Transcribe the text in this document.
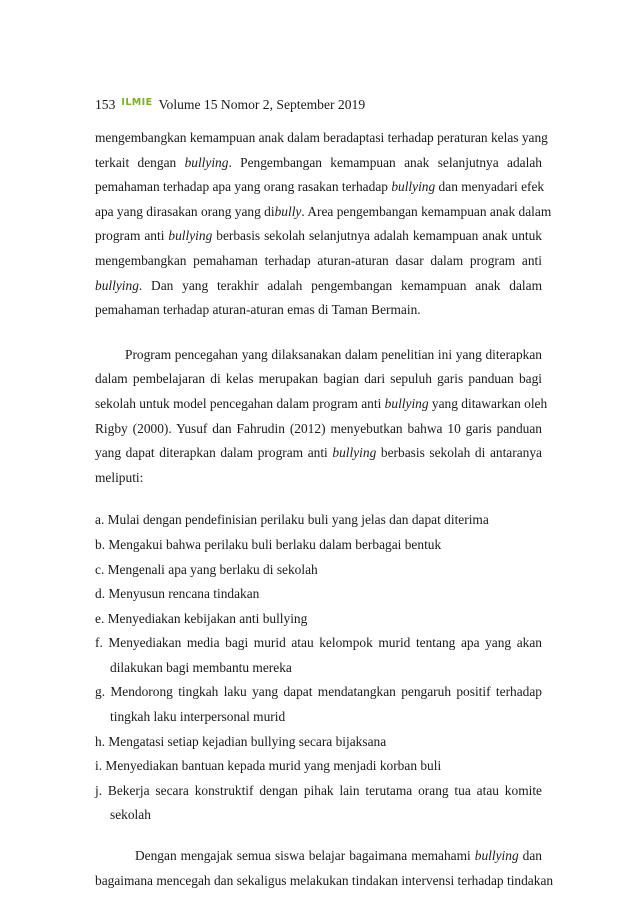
153 ILMIE Volume 15 Nomor 2, September 2019

mengembangkan kemampuan anak dalam beradaptasi terhadap peraturan kelas yang

terkait dengan bullying. Pengembangan kemampuan anak selanjutnya adalah

pemahaman terhadap apa yang orang rasakan terhadap bullying dan menyadari efek

apa yang dirasakan orang yang dibully. Area pengembangan kemampuan anak dalam

program anti bullying berbasis sekolah selanjutnya adalah kemampuan anak untuk

mengembangkan pemahaman terhadap aturan-aturan dasar dalam program anti

bullying. Dan yang terakhir adalah pengembangan kemampuan anak dalam

pemahaman terhadap aturan-aturan emas di Taman Bermain.

Program pencegahan yang dilaksanakan dalam penelitian ini yang diterapkan

dalam pembelajaran di kelas merupakan bagian dari sepuluh garis panduan bagi

sekolah untuk model pencegahan dalam program anti bullying yang ditawarkan oleh

Rigby (2000). Yusuf dan Fahrudin (2012) menyebutkan bahwa 10 garis panduan

yang dapat diterapkan dalam program anti bullying berbasis sekolah di antaranya

meliputi:

a. Mulai dengan pendefinisian perilaku buli yang jelas dan dapat diterima

b. Mengakui bahwa perilaku buli berlaku dalam berbagai bentuk

c. Mengenali apa yang berlaku di sekolah

d. Menyusun rencana tindakan

e. Menyediakan kebijakan anti bullying

f. Menyediakan media bagi murid atau kelompok murid tentang apa yang akan

dilakukan bagi membantu mereka

g. Mendorong tingkah laku yang dapat mendatangkan pengaruh positif terhadap

tingkah laku interpersonal murid

h. Mengatasi setiap kejadian bullying secara bijaksana

i. Menyediakan bantuan kepada murid yang menjadi korban buli

j. Bekerja secara konstruktif dengan pihak lain terutama orang tua atau komite

sekolah

Dengan mengajak semua siswa belajar bagaimana memahami bullying dan

bagaimana mencegah dan sekaligus melakukan tindakan intervensi terhadap tindakan
